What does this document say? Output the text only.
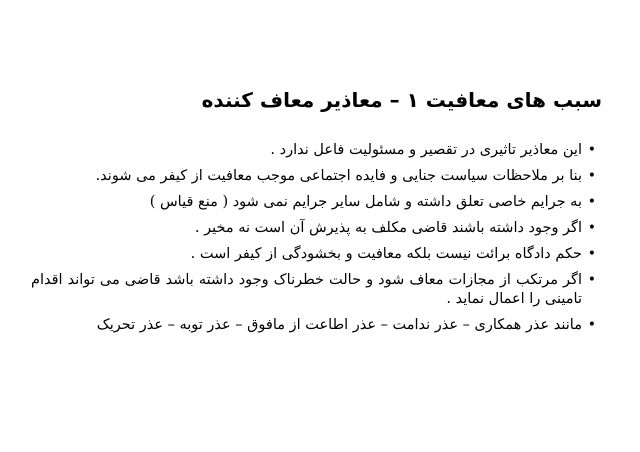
سبب های معافیت ۱ – معاذیر معاف کننده
•
این معاذیر تاثیری در تقصیر و مسئولیت فاعل ندارد .
•
بنا بر ملاحظات سیاست جنایی و فایده اجتماعی موجب معافیت از کیفر می شوند.
•
به جرایم خاصی تعلق داشته و شامل سایر جرایم نمی شود ( منع قیاس )
•
اگر وجود داشته باشند قاضی مکلف به پذیرش آن است نه مخیر .
•
حکم دادگاه برائت نیست بلکه معافیت و بخشودگی از کیفر است .
•
اگر مرتکب از مجازات معاف شود و حالت خطرناک وجود داشته باشد قاضی می تواند اقدام تامینی را اعمال نماید .
•
مانند عذر همکاری – عذر ندامت – عذر اطاعت از مافوق – عذر توبه – عذر تحریک
